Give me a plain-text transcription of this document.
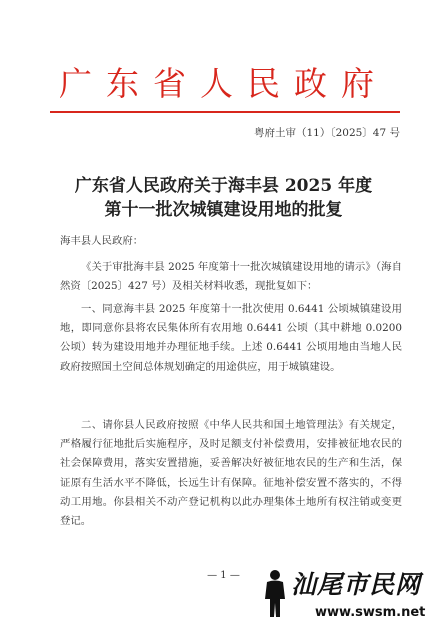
广东省人民政府
粤府土审（11）〔2025〕47 号
广东省人民政府关于海丰县 2025 年度
第十一批次城镇建设用地的批复
海丰县人民政府：

《关于审批海丰县 2025 年度第十一批次城镇建设用地的请示》（海自然资〔2025〕427 号）及相关材料收悉，现批复如下：

一、同意海丰县 2025 年度第十一批次使用 0.6441 公顷城镇建设用地，即同意你县将农民集体所有农用地 0.6441 公顷（其中耕地 0.0200 公顷）转为建设用地并办理征地手续。上述 0.6441 公顷用地由当地人民政府按照国土空间总体规划确定的用途供应，用于城镇建设。

二、请你县人民政府按照《中华人民共和国土地管理法》有关规定，严格履行征地批后实施程序，及时足额支付补偿费用，安排被征地农民的社会保障费用，落实安置措施，妥善解决好被征地农民的生产和生活，保证原有生活水平不降低，长远生计有保障。征地补偿安置不落实的，不得动工用地。你县相关不动产登记机构以此办理集体土地所有权注销或变更登记。

— 1 —	汕尾市民网
www.swsm.net
